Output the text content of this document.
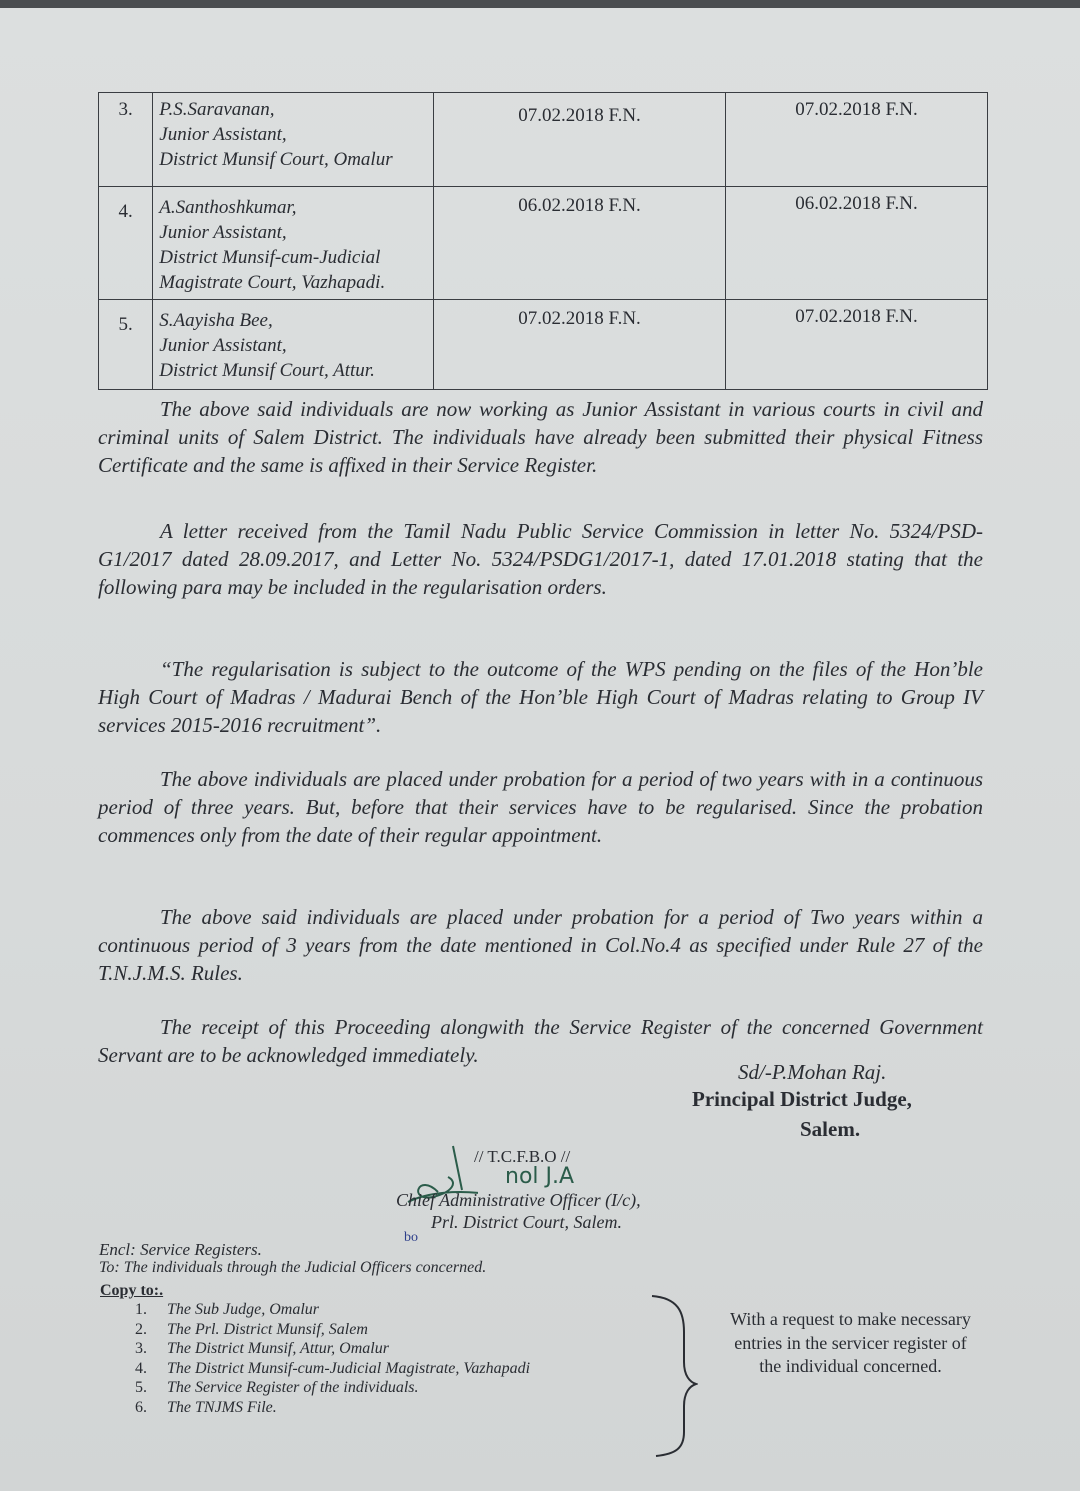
3.	P.S.Saravanan,
Junior Assistant,
District Munsif Court, Omalur	07.02.2018 F.N.	07.02.2018 F.N.
4.	A.Santhoshkumar,
Junior Assistant,
District Munsif-cum-Judicial
Magistrate Court, Vazhapadi.	06.02.2018 F.N.	06.02.2018 F.N.
5.	S.Aayisha Bee,
Junior Assistant,
District Munsif Court, Attur.	07.02.2018 F.N.	07.02.2018 F.N.

The above said individuals are now working as Junior Assistant in various courts in civil and criminal units of Salem District. The individuals have already been submitted their physical Fitness Certificate and the same is affixed in their Service Register.

A letter received from the Tamil Nadu Public Service Commission in letter No. 5324/PSD-G1/2017 dated 28.09.2017, and Letter No. 5324/PSDG1/2017-1, dated 17.01.2018 stating that the following para may be included in the regularisation orders.

“The regularisation is subject to the outcome of the WPS pending on the files of the Hon’ble High Court of Madras / Madurai Bench of the Hon’ble High Court of Madras relating to Group IV services 2015-2016 recruitment”.

The above individuals are placed under probation for a period of two years with in a continuous period of three years. But, before that their services have to be regularised. Since the probation commences only from the date of their regular appointment.

The above said individuals are placed under probation for a period of Two years within a continuous period of 3 years from the date mentioned in Col.No.4 as specified under Rule 27 of the T.N.J.M.S. Rules.

The receipt of this Proceeding alongwith the Service Register of the concerned Government Servant are to be acknowledged immediately.

Sd/-P.Mohan Raj.
Principal District Judge,
Salem.
// T.C.F.B.O //
nol J.A
Chief Administrative Officer (I/c),
Prl. District Court, Salem.
bo
Encl: Service Registers.
To: The individuals through the Judicial Officers concerned.
Copy to:.
1. The Sub Judge, Omalur
2. The Prl. District Munsif, Salem
3. The District Munsif, Attur, Omalur
4. The District Munsif-cum-Judicial Magistrate, Vazhapadi
5. The Service Register of the individuals.
6. The TNJMS File.
With a request to make necessary entries in the servicer register of the individual concerned.
